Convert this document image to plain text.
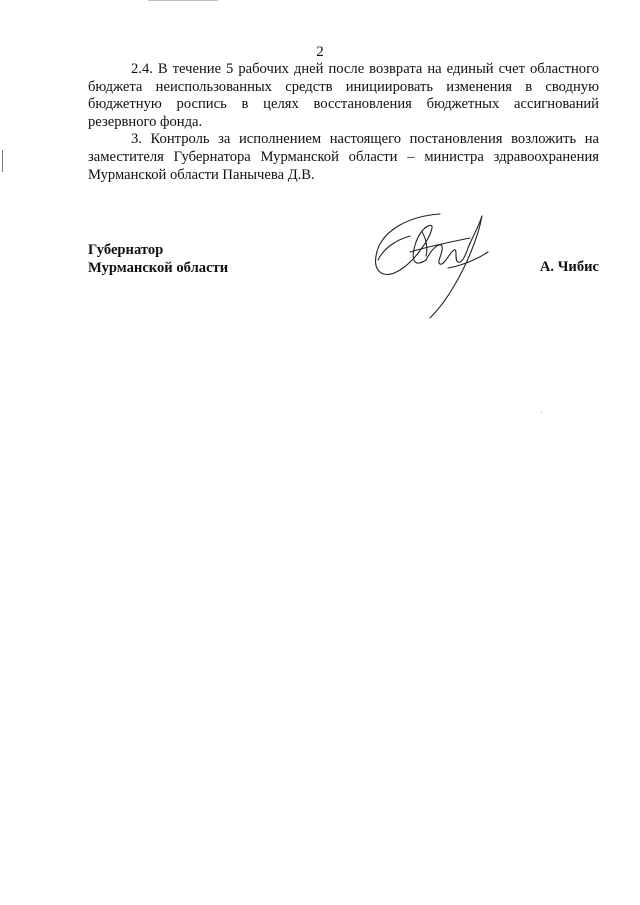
2

2.4. В течение 5 рабочих дней после возврата на единый счет областного бюджета неиспользованных средств инициировать изменения в сводную бюджетную роспись в целях восстановления бюджетных ассигнований резервного фонда.

3. Контроль за исполнением настоящего постановления возложить на заместителя Губернатора Мурманской области – министра здравоохранения Мурманской области Панычева Д.В.

Губернатор
Мурманской области	А. Чибис
